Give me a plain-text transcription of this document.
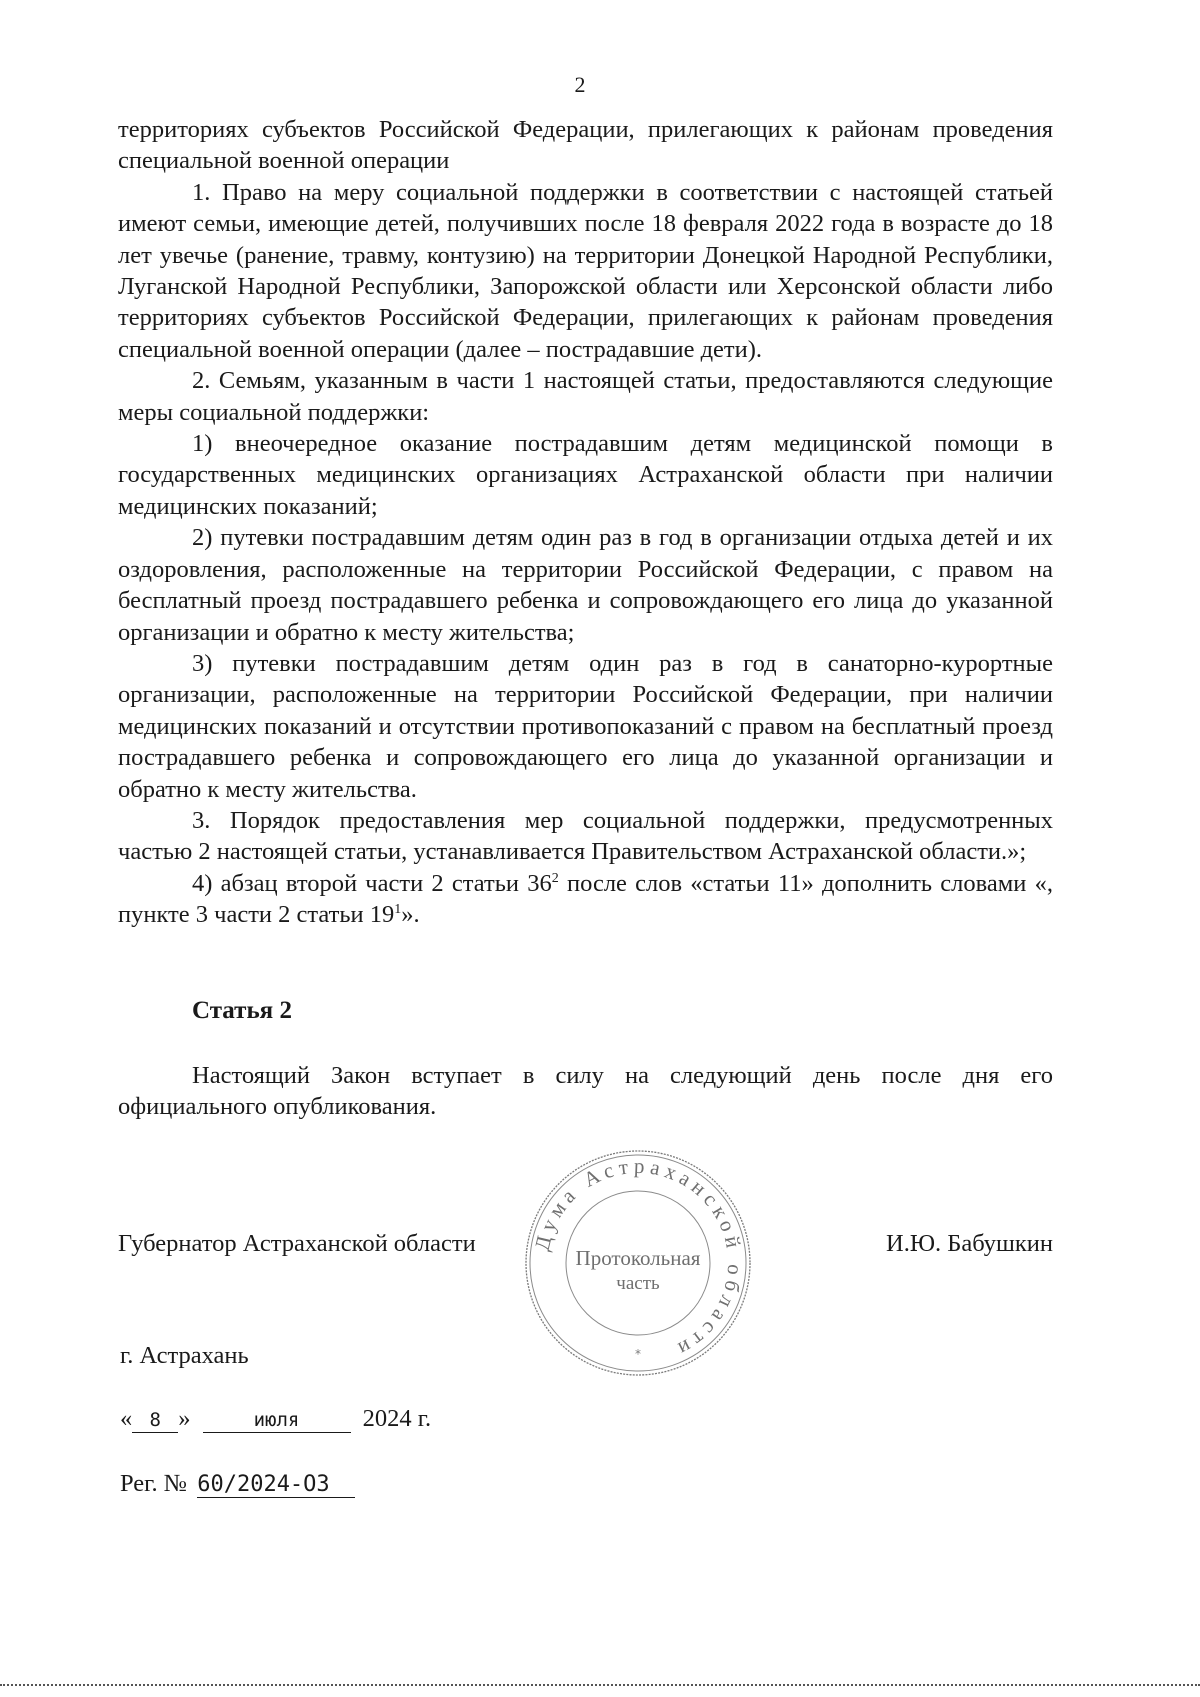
2

территориях субъектов Российской Федерации, прилегающих к районам проведения специальной военной операции

1. Право на меру социальной поддержки в соответствии с настоящей статьей имеют семьи, имеющие детей, получивших после 18 февраля 2022 года в возрасте до 18 лет увечье (ранение, травму, контузию) на территории Донецкой Народной Республики, Луганской Народной Республики, Запорожской области или Херсонской области либо территориях субъектов Российской Федерации, прилегающих к районам проведения специальной военной операции (далее – пострадавшие дети).

2. Семьям, указанным в части 1 настоящей статьи, предоставляются следующие меры социальной поддержки:

1) внеочередное оказание пострадавшим детям медицинской помощи в государственных медицинских организациях Астраханской области при наличии медицинских показаний;

2) путевки пострадавшим детям один раз в год в организации отдыха детей и их оздоровления, расположенные на территории Российской Федерации, с правом на бесплатный проезд пострадавшего ребенка и сопровождающего его лица до указанной организации и обратно к месту жительства;

3) путевки пострадавшим детям один раз в год в санаторно-курортные организации, расположенные на территории Российской Федерации, при наличии медицинских показаний и отсутствии противопоказаний с правом на бесплатный проезд пострадавшего ребенка и сопровождающего его лица до указанной организации и обратно к месту жительства.

3. Порядок предоставления мер социальной поддержки, предусмотренных частью 2 настоящей статьи, устанавливается Правительством Астраханской области.»;

4) абзац второй части 2 статьи $36^2$ после слов «статьи 11» дополнить словами «, пункте 3 части 2 статьи $19^1$».

Статья 2

Настоящий Закон вступает в силу на следующий день после дня его официального опубликования.

Губернатор Астраханской области	И.Ю. Бабушкин
Дума Астраханской области
Протокольная
часть
*
г. Астрахань
« 8 »	июля	2024 г.
Рег. № 60/2024-ОЗ
